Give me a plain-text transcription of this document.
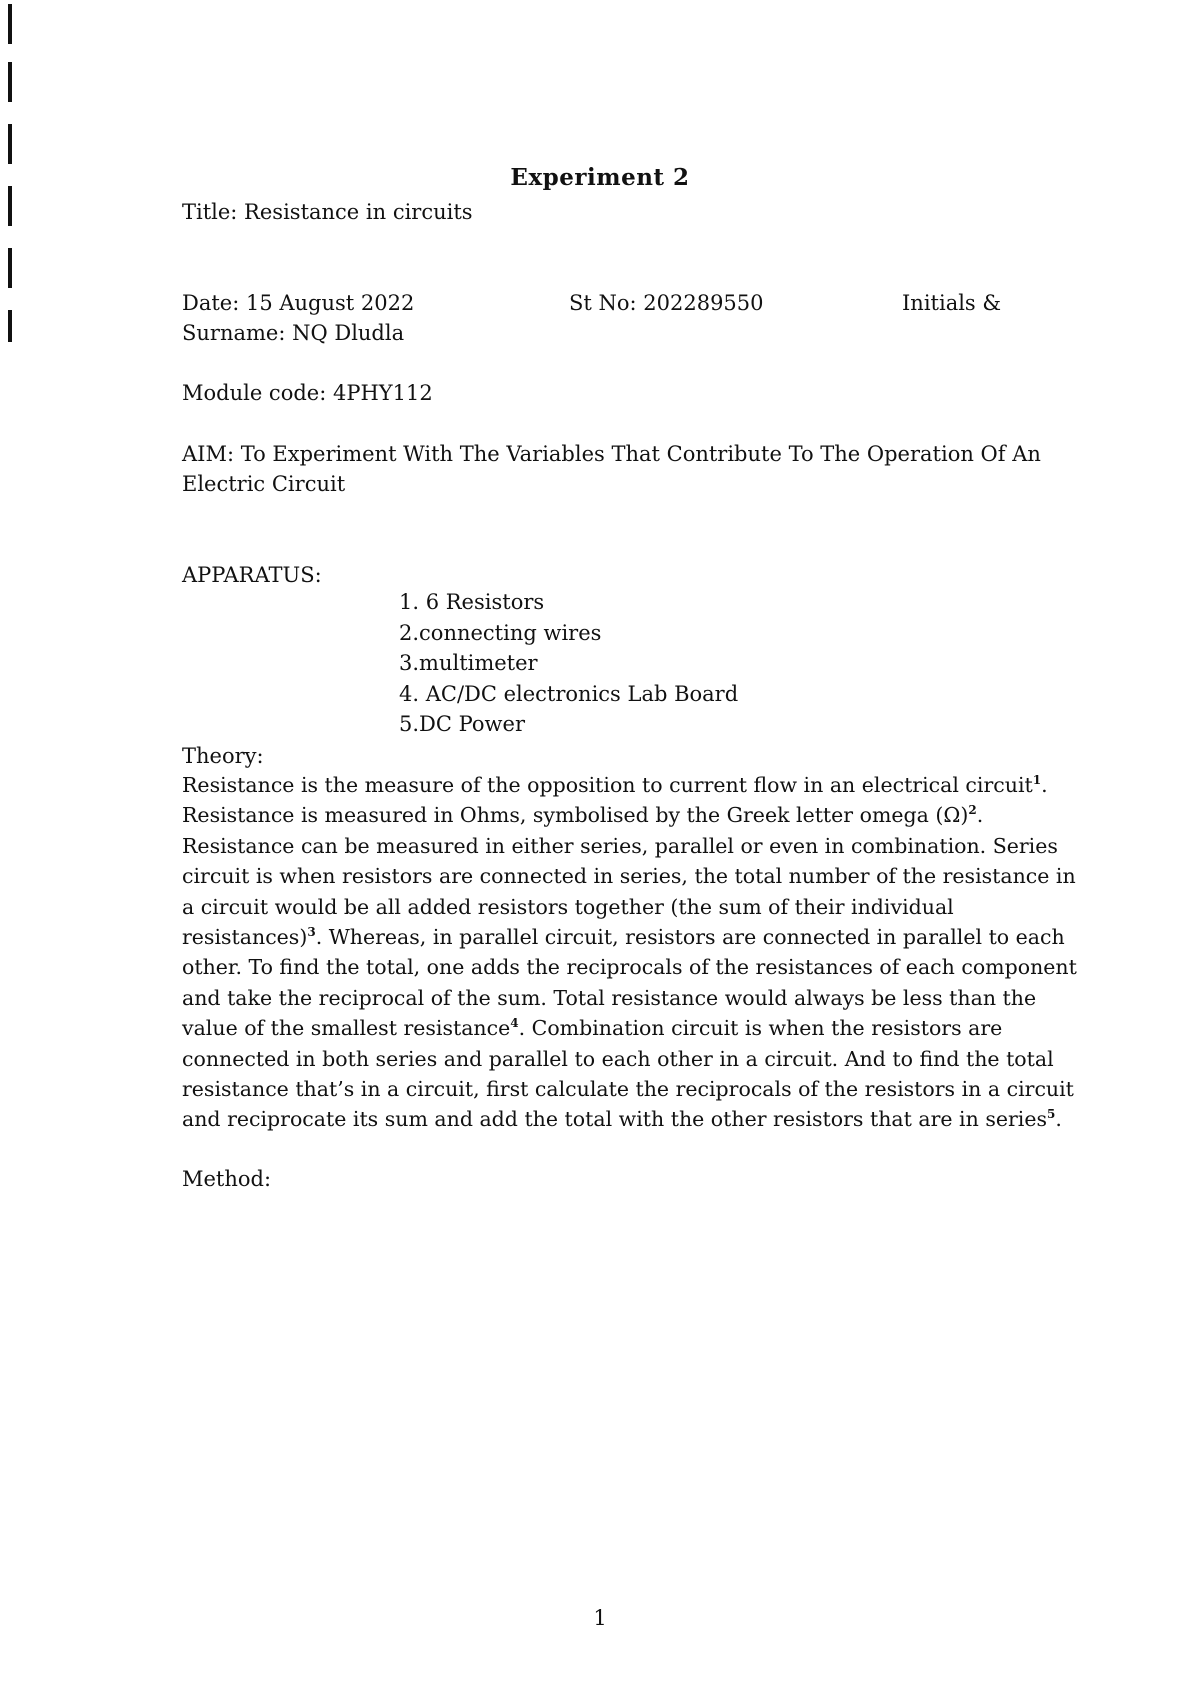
Experiment 2
Title: Resistance in circuits
Date: 15 August 2022	St No: 202289550	Initials &
Surname: NQ Dludla
Module code: 4PHY112
AIM: To Experiment With The Variables That Contribute To The Operation Of An
Electric Circuit
APPARATUS:
1. 6 Resistors
2.connecting wires
3.multimeter
4. AC/DC electronics Lab Board
5.DC Power
Theory:
Resistance is the measure of the opposition to current flow in an electrical circuit$^1$.
Resistance is measured in Ohms, symbolised by the Greek letter omega $(\Omega)^2$.
Resistance can be measured in either series, parallel or even in combination. Series
circuit is when resistors are connected in series, the total number of the resistance in
a circuit would be all added resistors together (the sum of their individual
resistances)$^3$. Whereas, in parallel circuit, resistors are connected in parallel to each
other. To find the total, one adds the reciprocals of the resistances of each component
and take the reciprocal of the sum. Total resistance would always be less than the
value of the smallest resistance$^4$. Combination circuit is when the resistors are
connected in both series and parallel to each other in a circuit. And to find the total
resistance that’s in a circuit, first calculate the reciprocals of the resistors in a circuit
and reciprocate its sum and add the total with the other resistors that are in series$^5$.
Method:
1
